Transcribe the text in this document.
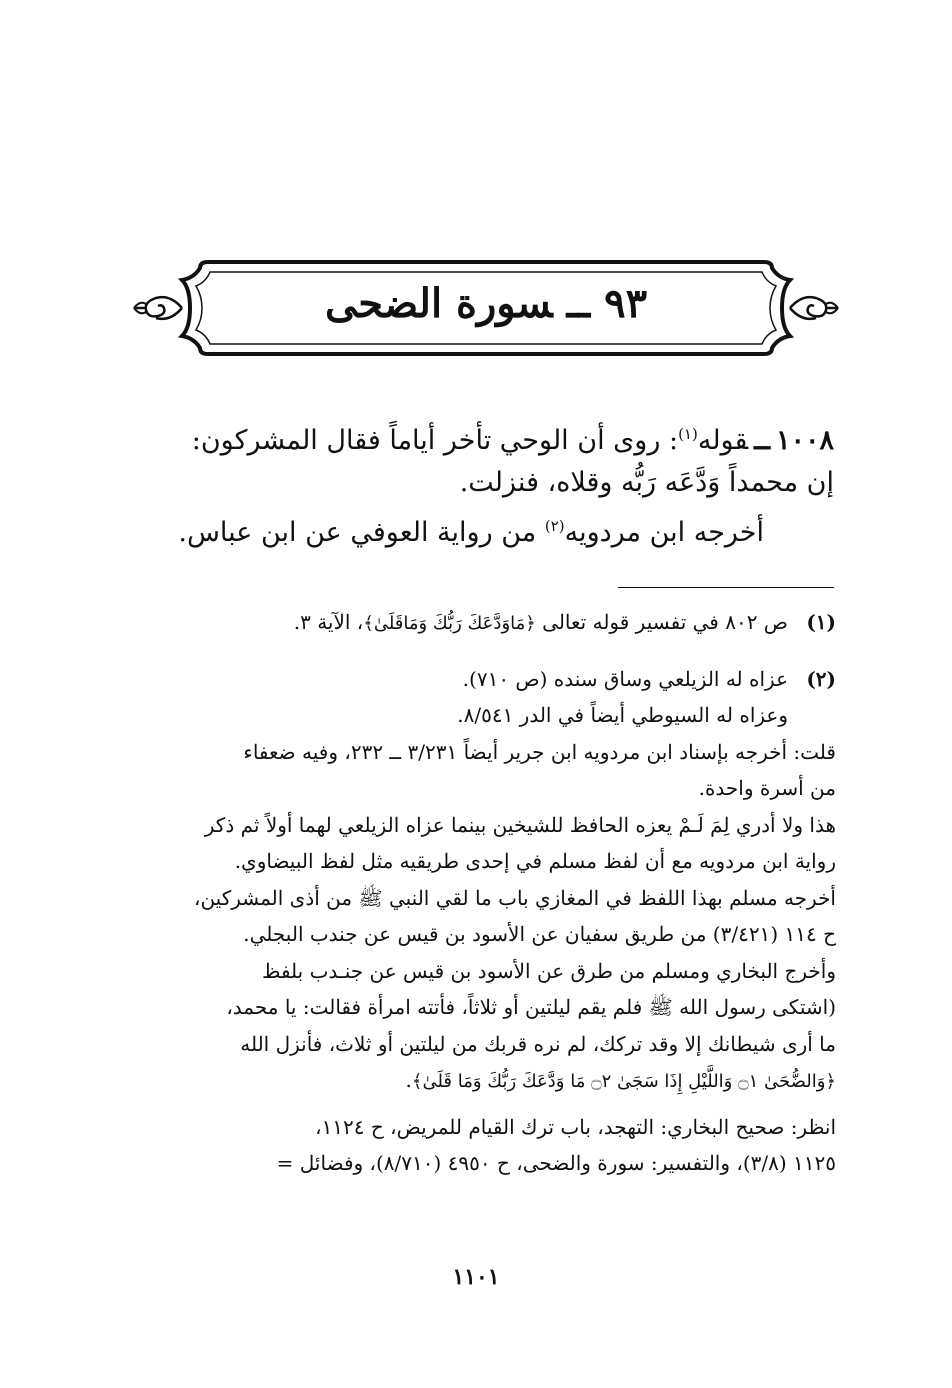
٩٣ــسورة الضحى
١٠٠٨ــقوله$^{(١)}$: روى أن الوحي تأخر أياماً فقال المشركون:
إن محمداً وَدَّعَه رَبُّه وقلاه، فنزلت.
أخرجه ابن مردويه$^{(٢)}$ من رواية العوفي عن ابن عباس.
(١)
ص ٨٠٢ في تفسير قوله تعالى ﴿مَاوَدَّعَكَ رَبُّكَ وَمَاقَلَىٰ﴾، الآية ٣.
(٢)
عزاه له الزيلعي وساق سنده (ص ٧١٠).
وعزاه له السيوطي أيضاً في الدر ٨/٥٤١.
قلت: أخرجه بإسناد ابن مردويه ابن جرير أيضاً ٣/٢٣١ ــ ٢٣٢، وفيه ضعفاء
من أسرة واحدة.
هذا ولا أدري لِمَ لَـمْ يعزه الحافظ للشيخين بينما عزاه الزيلعي لهما أولاً ثم ذكر
رواية ابن مردويه مع أن لفظ مسلم في إحدى طريقيه مثل لفظ البيضاوي.
أخرجه مسلم بهذا اللفظ في المغازي باب ما لقي النبي ﷺ من أذى المشركين،
ح ١١٤ (٣/٤٢١) من طريق سفيان عن الأسود بن قيس عن جندب البجلي.
وأخرج البخاري ومسلم من طرق عن الأسود بن قيس عن جنـدب بلفظ
(اشتكى رسول الله ﷺ فلم يقم ليلتين أو ثلاثاً، فأتته امرأة فقالت: يا محمد،
ما أرى شيطانك إلا وقد تركك، لم نره قربك من ليلتين أو ثلاث، فأنزل الله
﴿وَالضُّحَىٰ ۝١ وَاللَّيْلِ إِذَا سَجَىٰ ۝٢ مَا وَدَّعَكَ رَبُّكَ وَمَا قَلَىٰ﴾.
انظر: صحيح البخاري: التهجد، باب ترك القيام للمريض، ح ١١٢٤،
١١٢٥ (٣/٨)، والتفسير: سورة والضحى، ح ٤٩٥٠ (٨/٧١٠)، وفضائل =
١١٠١
